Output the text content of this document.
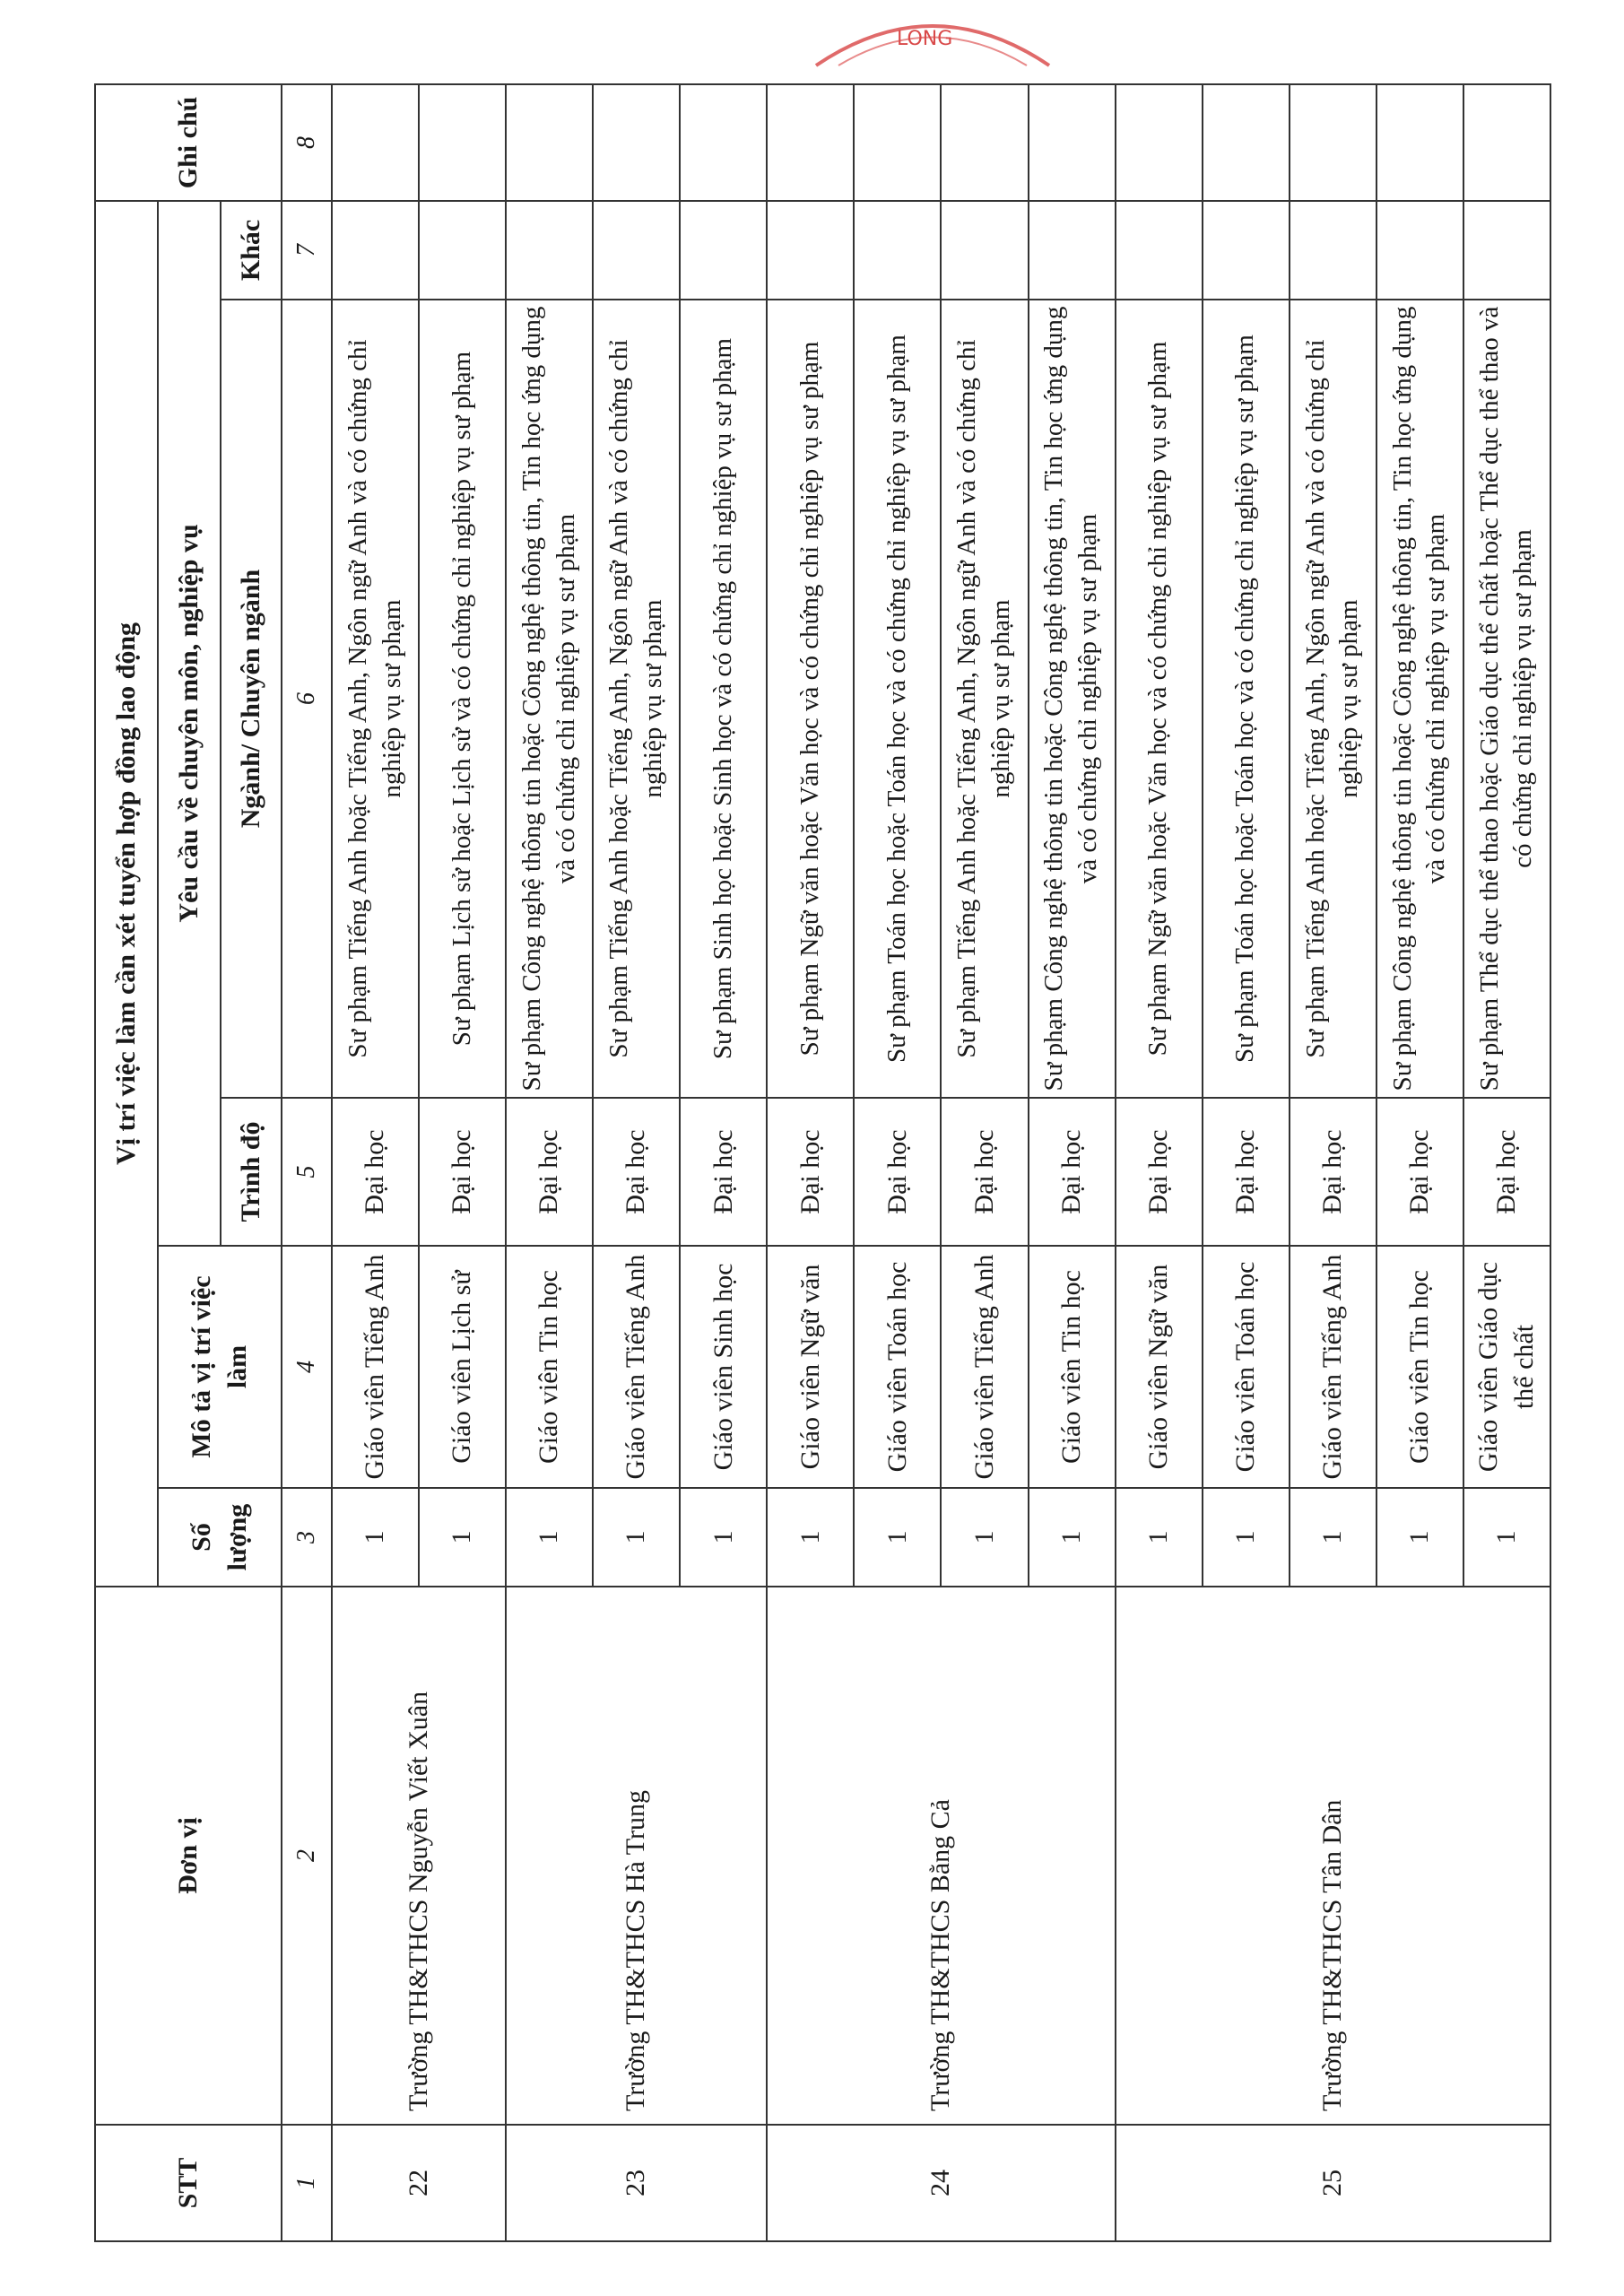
LONG
STT	Đơn vị	Vị trí việc làm cần xét tuyển hợp đồng lao động					Ghi chú
		Số lượng	Mô tả vị trí việc làm	Yêu cầu về chuyên môn, nghiệp vụ			
				Trình độ	Ngành/ Chuyên ngành	Khác	
1	2	3	4	5	6	7	8
22	Trường TH&THCS Nguyễn Viết Xuân	1	Giáo viên Tiếng Anh	Đại học	Sư phạm Tiếng Anh hoặc Tiếng Anh, Ngôn ngữ Anh và có chứng chỉ nghiệp vụ sư phạm		
		1	Giáo viên Lịch sử	Đại học	Sư phạm Lịch sử hoặc Lịch sử và có chứng chỉ nghiệp vụ sư phạm		
23	Trường TH&THCS Hà Trung	1	Giáo viên Tin học	Đại học	Sư phạm Công nghệ thông tin hoặc Công nghệ thông tin, Tin học ứng dụng và có chứng chỉ nghiệp vụ sư phạm		
		1	Giáo viên Tiếng Anh	Đại học	Sư phạm Tiếng Anh hoặc Tiếng Anh, Ngôn ngữ Anh và có chứng chỉ nghiệp vụ sư phạm		
		1	Giáo viên Sinh học	Đại học	Sư phạm Sinh học hoặc Sinh học và có chứng chỉ nghiệp vụ sư phạm		
24	Trường TH&THCS Bằng Cả	1	Giáo viên Ngữ văn	Đại học	Sư phạm Ngữ văn hoặc Văn học và có chứng chỉ nghiệp vụ sư phạm		
		1	Giáo viên Toán học	Đại học	Sư phạm Toán học hoặc Toán học và có chứng chỉ nghiệp vụ sư phạm		
		1	Giáo viên Tiếng Anh	Đại học	Sư phạm Tiếng Anh hoặc Tiếng Anh, Ngôn ngữ Anh và có chứng chỉ nghiệp vụ sư phạm		
		1	Giáo viên Tin học	Đại học	Sư phạm Công nghệ thông tin hoặc Công nghệ thông tin, Tin học ứng dụng và có chứng chỉ nghiệp vụ sư phạm		
25	Trường TH&THCS Tân Dân	1	Giáo viên Ngữ văn	Đại học	Sư phạm Ngữ văn hoặc Văn học và có chứng chỉ nghiệp vụ sư phạm		
		1	Giáo viên Toán học	Đại học	Sư phạm Toán học hoặc Toán học và có chứng chỉ nghiệp vụ sư phạm		
		1	Giáo viên Tiếng Anh	Đại học	Sư phạm Tiếng Anh hoặc Tiếng Anh, Ngôn ngữ Anh và có chứng chỉ nghiệp vụ sư phạm		
		1	Giáo viên Tin học	Đại học	Sư phạm Công nghệ thông tin hoặc Công nghệ thông tin, Tin học ứng dụng và có chứng chỉ nghiệp vụ sư phạm		
		1	Giáo viên Giáo dục thể chất	Đại học	Sư phạm Thể dục thể thao hoặc Giáo dục thể chất hoặc Thể dục thể thao và có chứng chỉ nghiệp vụ sư phạm		
